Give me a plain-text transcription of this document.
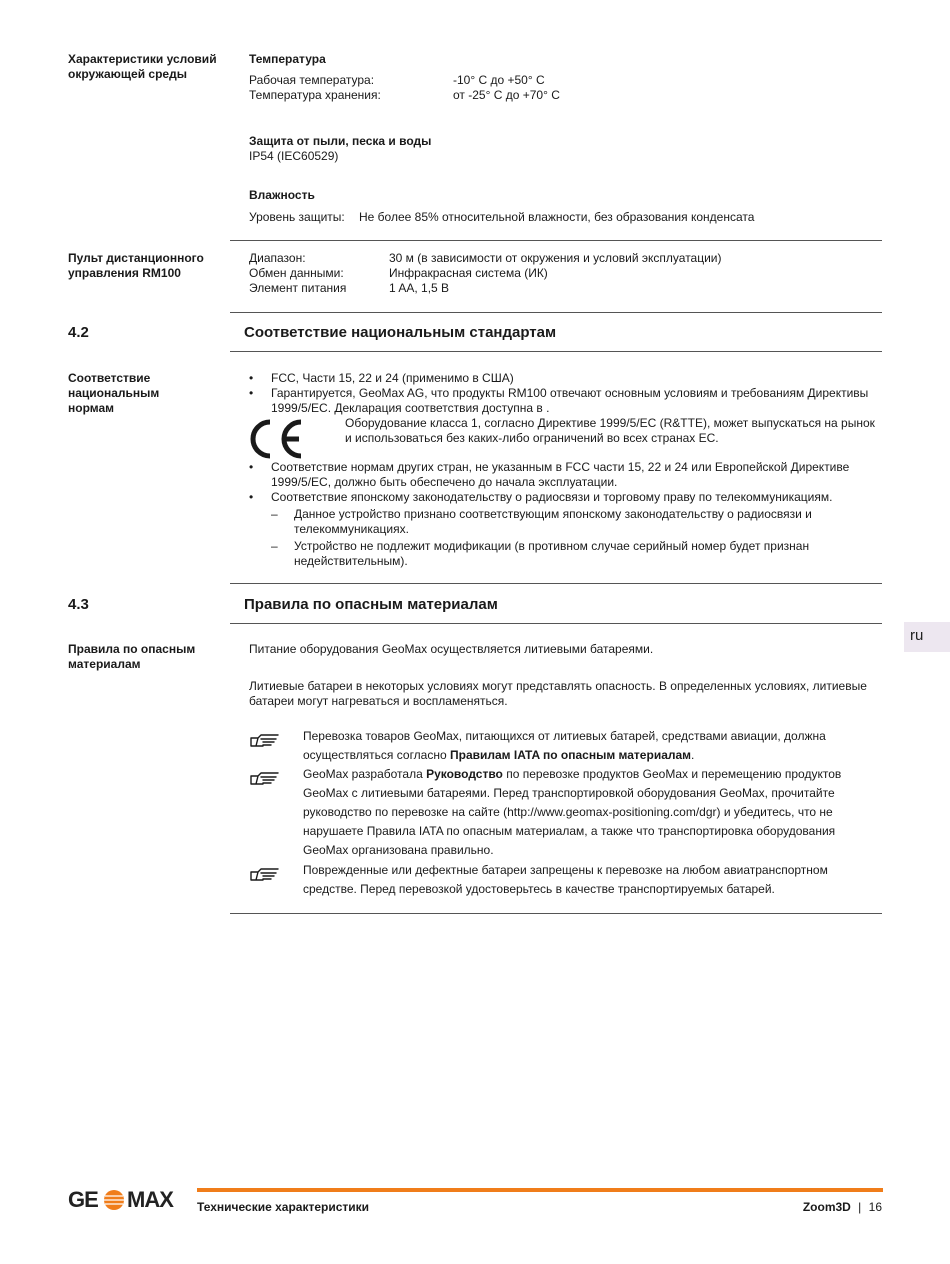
Характеристики условий окружающей среды
Температура
Рабочая температура:	-10° C до +50° C
Температура хранения:	от -25° C до +70° C
Защита от пыли, песка и воды
IP54 (IEC60529)
Влажность
Уровень защиты: Не более 85% относительной влажности, без образования конденсата
Пульт дистанционного управления RM100
Диапазон:	30 м (в зависимости от окружения и условий эксплуатации)
Обмен данными:	Инфракрасная система (ИК)
Элемент питания	1 AA, 1,5 В
4.2	Соответствие национальным стандартам
Соответствие национальным нормам
• FCC, Части 15, 22 и 24 (применимо в США)
• Гарантируется, GeoMax AG, что продукты RM100 отвечают основным условиям и требованиям Директивы 1999/5/EC. Декларация соответствия доступна в .
Оборудование класса 1, согласно Директиве 1999/5/EC (R&TTE), может выпускаться на рынок и использоваться без каких-либо ограничений во всех странах ЕС.
• Соответствие нормам других стран, не указанным в FCC части 15, 22 и 24 или Европейской Директиве 1999/5/EC, должно быть обеспечено до начала эксплуатации.
• Соответствие японскому законодательству о радиосвязи и торговому праву по телекоммуникациям.
– Данное устройство признано соответствующим японскому законодательству о радиосвязи и телекоммуникациях.
– Устройство не подлежит модификации (в противном случае серийный номер будет признан недействительным).
4.3	Правила по опасным материалам
Правила по опасным материалам
Питание оборудования GeoMax осуществляется литиевыми батареями.
Литиевые батареи в некоторых условиях могут представлять опасность. В определенных условиях, литиевые батареи могут нагреваться и воспламеняться.
Перевозка товаров GeoMax, питающихся от литиевых батарей, средствами авиации, должна осуществляться согласно Правилам IATA по опасным материалам.
GeoMax разработала Руководство по перевозке продуктов GeoMax и перемещению продуктов GeoMax с литиевыми батареями. Перед транспортировкой оборудования GeoMax, прочитайте руководство по перевозке на сайте (http://www.geomax-positioning.com/dgr) и убедитесь, что не нарушаете Правила IATA по опасным материалам, а также что транспортировка оборудования GeoMax организована правильно.
Поврежденные или дефектные батареи запрещены к перевозке на любом авиатранспортном средстве. Перед перевозкой удостоверьтесь в качестве транспортируемых батарей.
ru
GE MAX Технические характеристики	Zoom3D | 16
